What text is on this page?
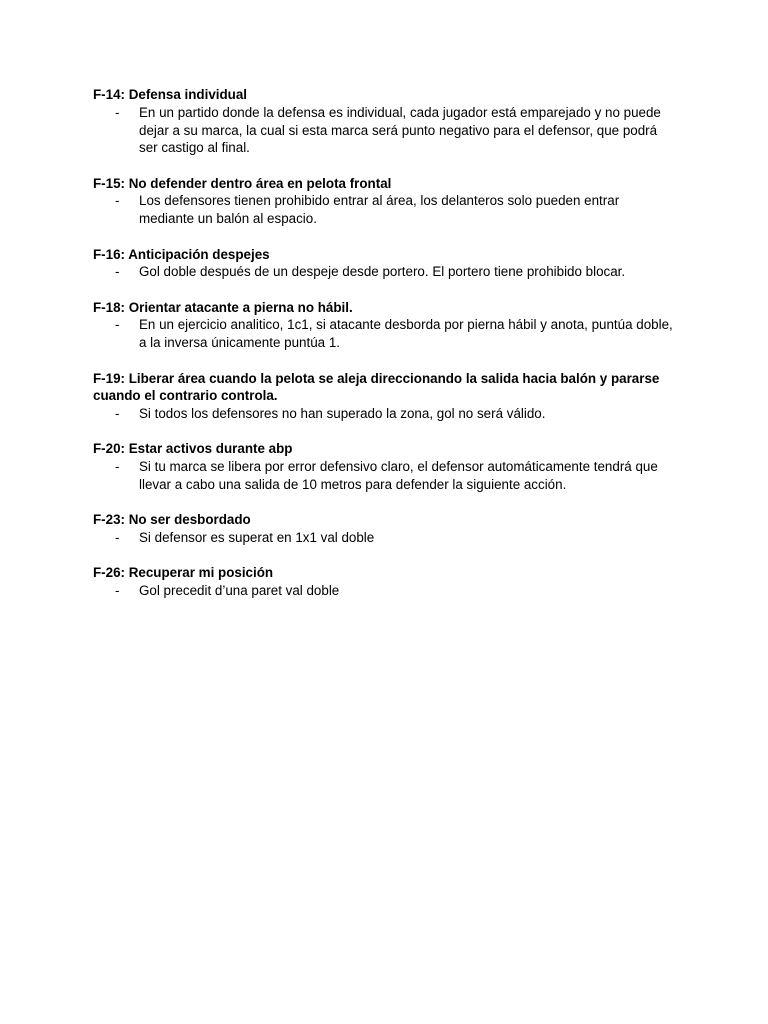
F-14: Defensa individual

- En un partido donde la defensa es individual, cada jugador está emparejado y no puede dejar a su marca, la cual si esta marca será punto negativo para el defensor, que podrá ser castigo al final.

F-15: No defender dentro área en pelota frontal

- Los defensores tienen prohibido entrar al área, los delanteros solo pueden entrar mediante un balón al espacio.

F-16: Anticipación despejes

- Gol doble después de un despeje desde portero. El portero tiene prohibido blocar.

F-18: Orientar atacante a pierna no hábil.

- En un ejercicio analitico, 1c1, si atacante desborda por pierna hábil y anota, puntúa doble, a la inversa únicamente puntúa 1.

F-19: Liberar área cuando la pelota se aleja direccionando la salida hacia balón y pararse cuando el contrario controla.

- Si todos los defensores no han superado la zona, gol no será válido.

F-20: Estar activos durante abp

- Si tu marca se libera por error defensivo claro, el defensor automáticamente tendrá que llevar a cabo una salida de 10 metros para defender la siguiente acción.

F-23: No ser desbordado

- Si defensor es superat en 1x1 val doble

F-26: Recuperar mi posición

- Gol precedit d’una paret val doble
